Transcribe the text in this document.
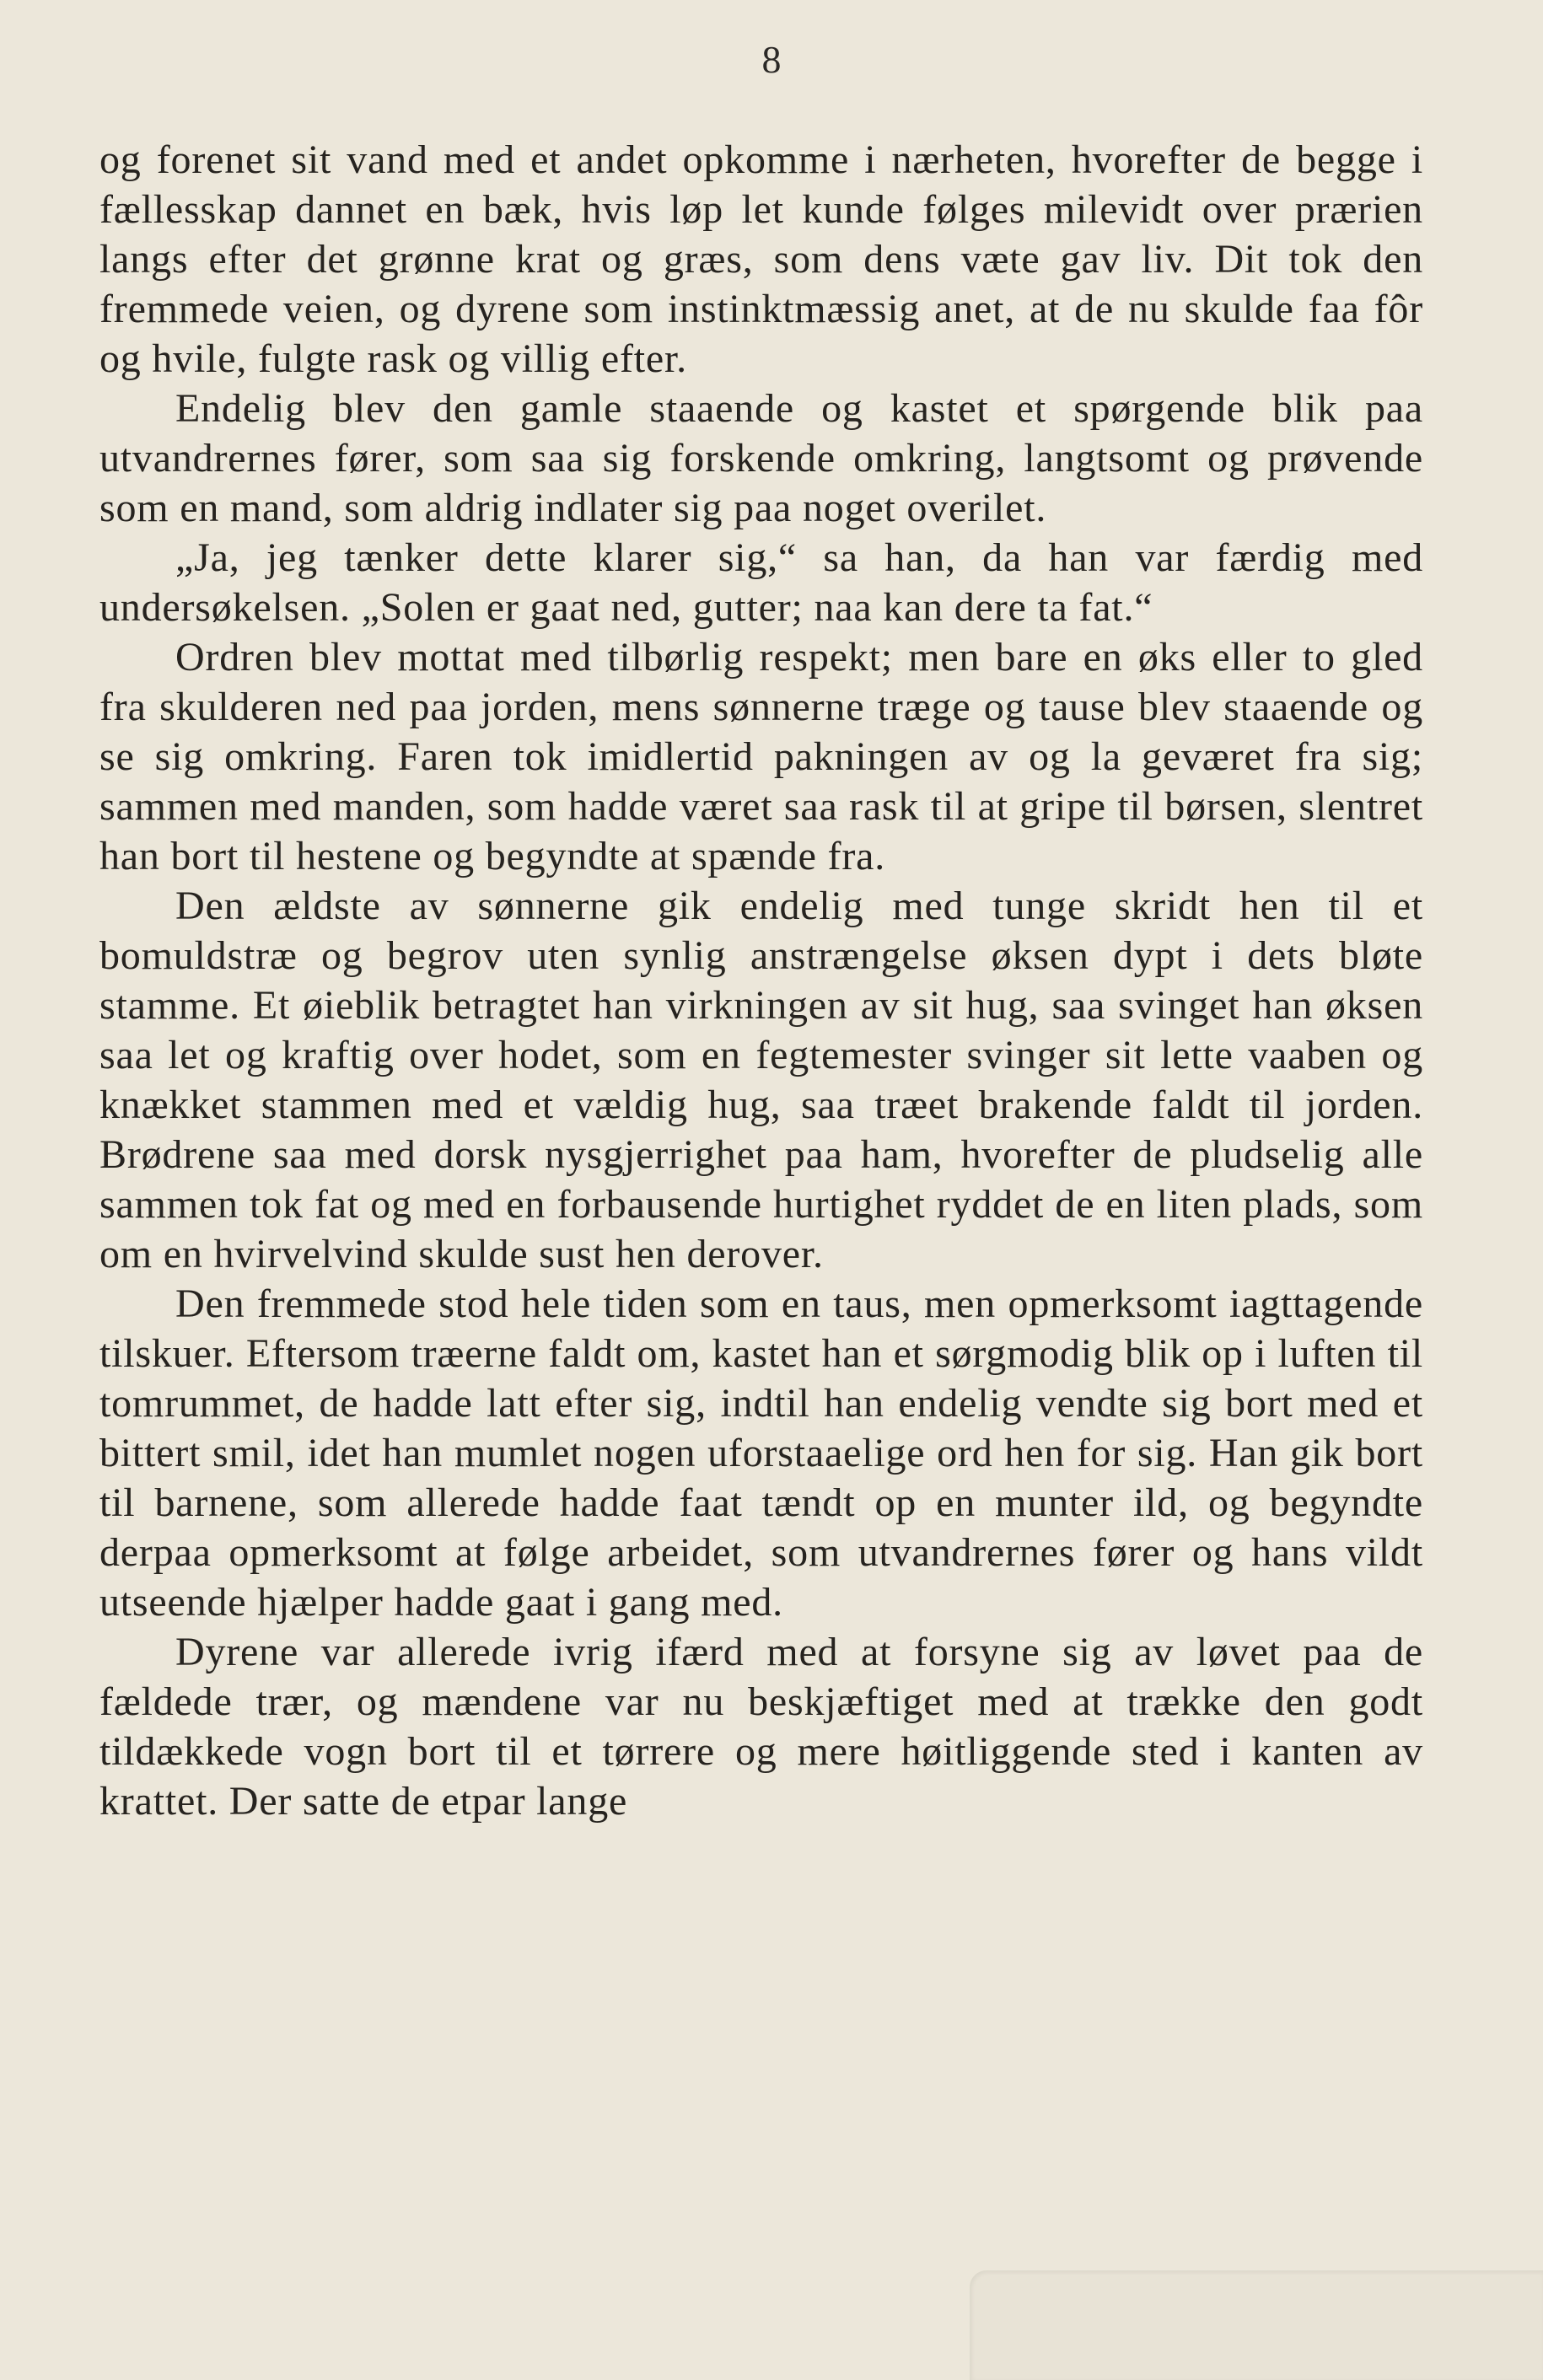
8

og forenet sit vand med et andet opkomme i nærheten, hvorefter de begge i fællesskap dannet en bæk, hvis løp let kunde følges milevidt over prærien langs efter det grønne krat og græs, som dens væte gav liv. Dit tok den fremmede veien, og dyrene som instinktmæssig anet, at de nu skulde faa fôr og hvile, fulgte rask og villig efter.

Endelig blev den gamle staaende og kastet et spørgende blik paa utvandrernes fører, som saa sig forskende omkring, langtsomt og prøvende som en mand, som aldrig indlater sig paa noget overilet.

„Ja, jeg tænker dette klarer sig,“ sa han, da han var færdig med undersøkelsen. „Solen er gaat ned, gutter; naa kan dere ta fat.“

Ordren blev mottat med tilbørlig respekt; men bare en øks eller to gled fra skulderen ned paa jorden, mens sønnerne træge og tause blev staaende og se sig omkring. Faren tok imidlertid pakningen av og la geværet fra sig; sammen med manden, som hadde været saa rask til at gripe til børsen, slentret han bort til hestene og begyndte at spænde fra.

Den ældste av sønnerne gik endelig med tunge skridt hen til et bomuldstræ og begrov uten synlig anstrængelse øksen dypt i dets bløte stamme. Et øieblik betragtet han virkningen av sit hug, saa svinget han øksen saa let og kraftig over hodet, som en fegtemester svinger sit lette vaaben og knækket stammen med et vældig hug, saa træet brakende faldt til jorden. Brødrene saa med dorsk nysgjerrighet paa ham, hvorefter de pludselig alle sammen tok fat og med en forbausende hurtighet ryddet de en liten plads, som om en hvirvelvind skulde sust hen derover.

Den fremmede stod hele tiden som en taus, men opmerksomt iagttagende tilskuer. Eftersom træerne faldt om, kastet han et sørgmodig blik op i luften til tomrummet, de hadde latt efter sig, indtil han endelig vendte sig bort med et bittert smil, idet han mumlet nogen uforstaaelige ord hen for sig. Han gik bort til barnene, som allerede hadde faat tændt op en munter ild, og begyndte derpaa opmerksomt at følge arbeidet, som utvandrernes fører og hans vildt utseende hjælper hadde gaat i gang med.

Dyrene var allerede ivrig ifærd med at forsyne sig av løvet paa de fældede trær, og mændene var nu beskjæftiget med at trække den godt tildækkede vogn bort til et tørrere og mere høitliggende sted i kanten av krattet. Der satte de etpar lange
